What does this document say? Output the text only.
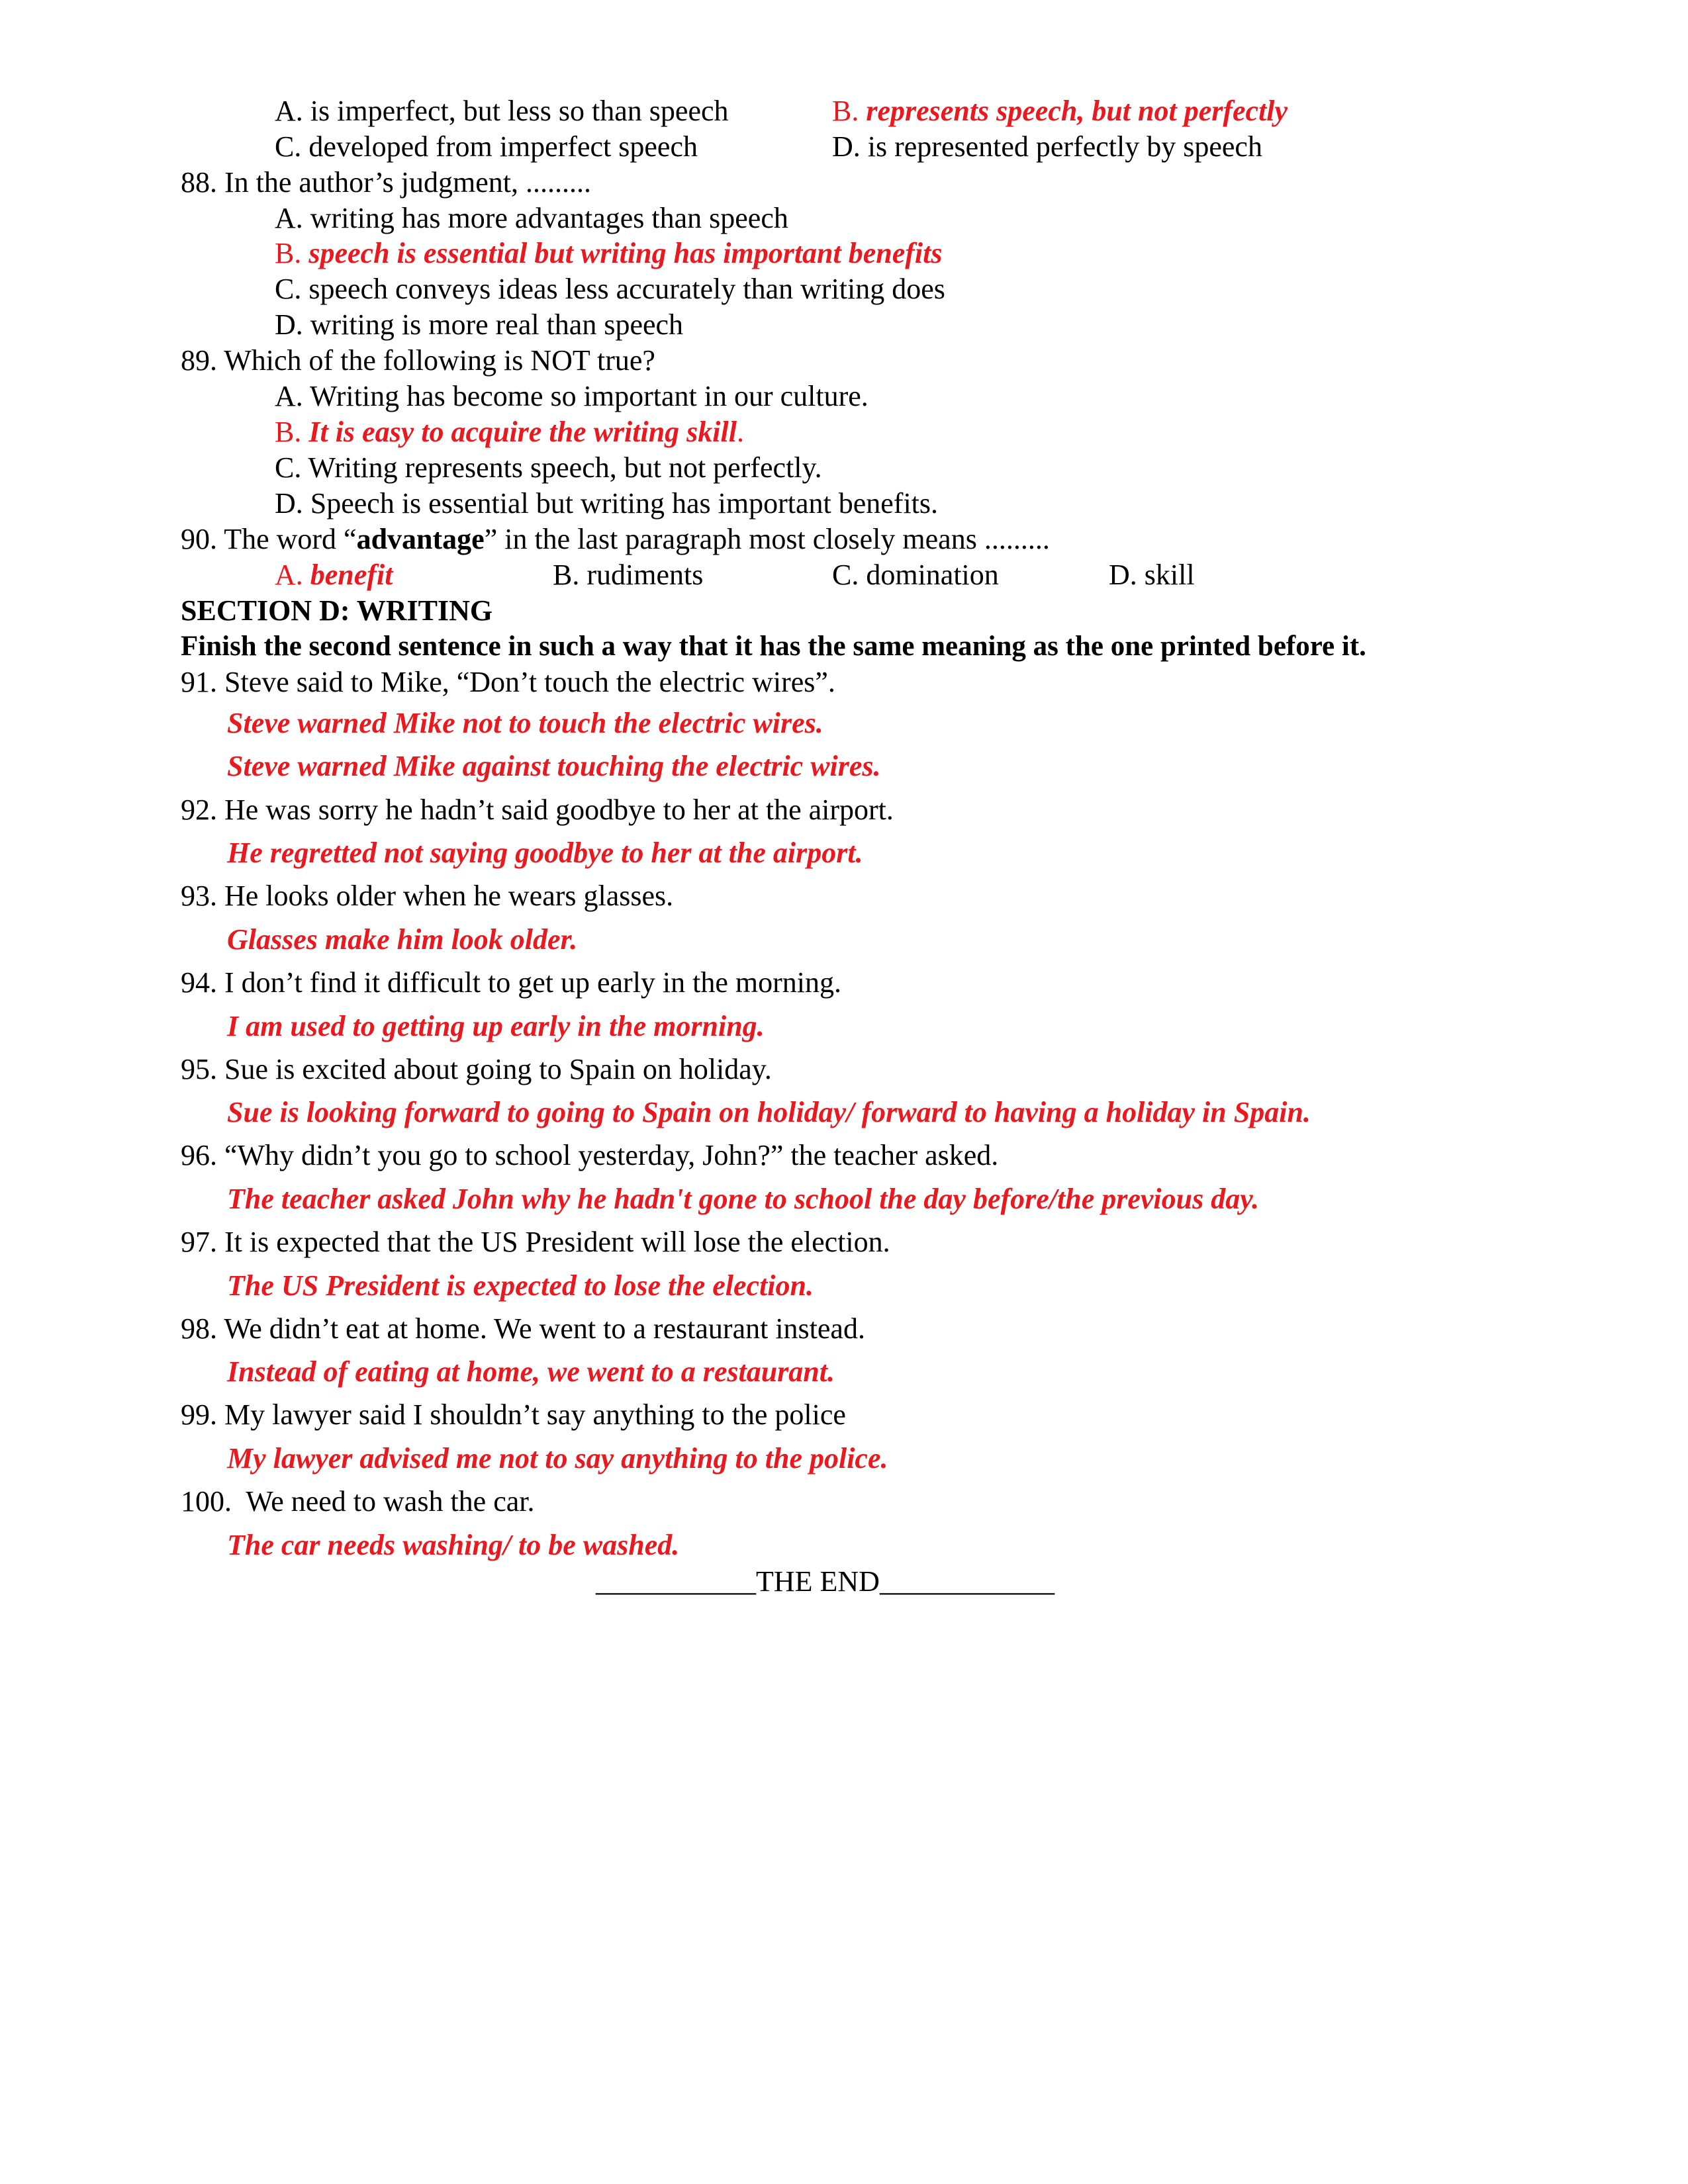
A. is imperfect, but less so than speech	B. represents speech, but not perfectly
C. developed from imperfect speech	D. is represented perfectly by speech
88. In the author’s judgment, .........
A. writing has more advantages than speech
B. speech is essential but writing has important benefits
C. speech conveys ideas less accurately than writing does
D. writing is more real than speech
89. Which of the following is NOT true?
A. Writing has become so important in our culture.
B. It is easy to acquire the writing skill.
C. Writing represents speech, but not perfectly.
D. Speech is essential but writing has important benefits.
90. The word “advantage” in the last paragraph most closely means .........
A. benefit	B. rudiments	C. domination	D. skill
SECTION D: WRITING
Finish the second sentence in such a way that it has the same meaning as the one printed before it.
91. Steve said to Mike, “Don’t touch the electric wires”.
Steve warned Mike not to touch the electric wires.
Steve warned Mike against touching the electric wires.
92. He was sorry he hadn’t said goodbye to her at the airport.
He regretted not saying goodbye to her at the airport.
93. He looks older when he wears glasses.
Glasses make him look older.
94. I don’t find it difficult to get up early in the morning.
I am used to getting up early in the morning.
95. Sue is excited about going to Spain on holiday.
Sue is looking forward to going to Spain on holiday/ forward to having a holiday in Spain.
96. “Why didn’t you go to school yesterday, John?” the teacher asked.
The teacher asked John why he hadn't gone to school the day before/the previous day.
97. It is expected that the US President will lose the election.
The US President is expected to lose the election.
98. We didn’t eat at home. We went to a restaurant instead.
Instead of eating at home, we went to a restaurant.
99. My lawyer said I shouldn’t say anything to the police
My lawyer advised me not to say anything to the police.
100.  We need to wash the car.
The car needs washing/ to be washed.
___________THE END____________
